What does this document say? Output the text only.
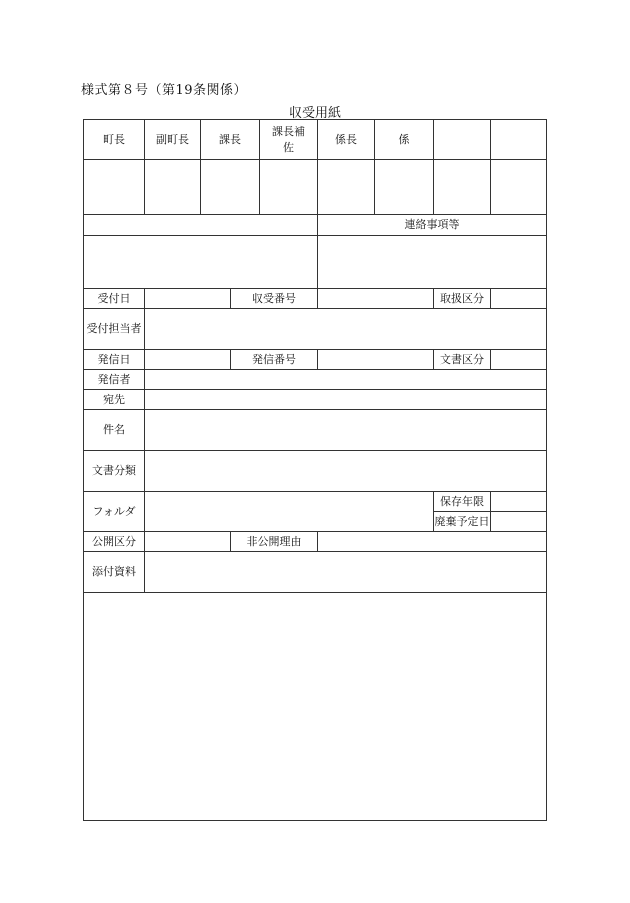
様式第８号（第19条関係）
収受用紙
町長	副町長	課長		課長補佐	係長	係		

					連絡事項等			

受付日			収受番号				取扱区分	
受付担当者								
発信日			発信番号				文書区分	
発信者								
宛先								
件名								
文書分類								
フォルダ							保存年限	
							廃棄予定日	
公開区分			非公開理由					
添付資料								
